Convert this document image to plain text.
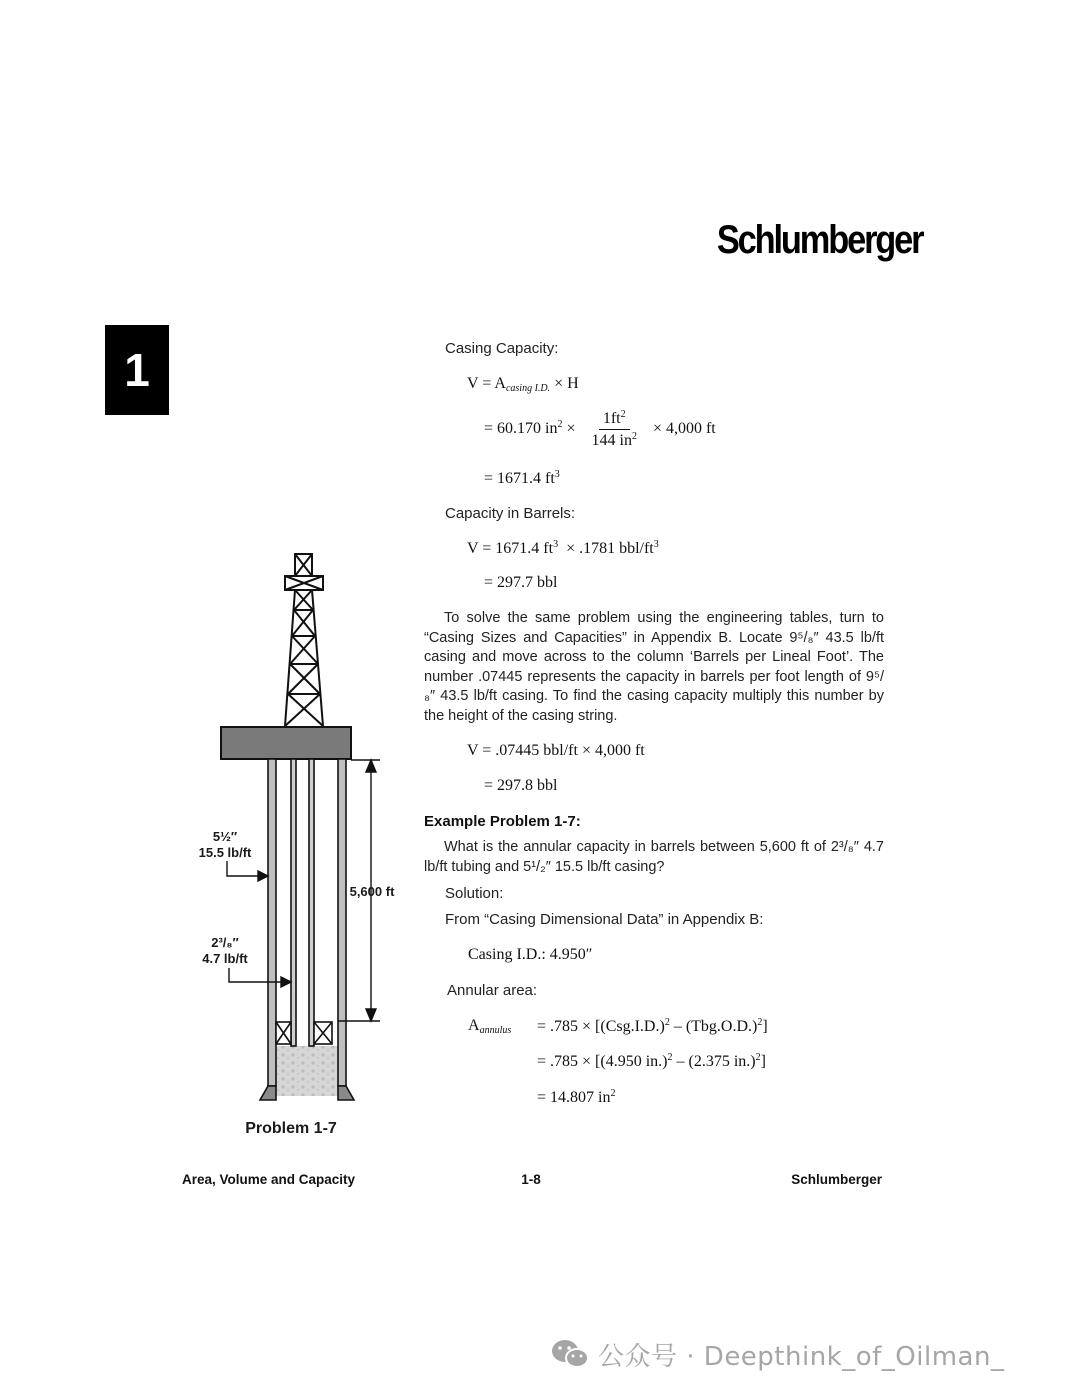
Schlumberger
1	Casing Capacity:
$V = A_{casing I.D.} \times H$
= 60.170 $in^2 \times \frac{1ft^2}{144 in^2} \times 4,000$ ft
= 1671.4 $ft^3$
Capacity in Barrels:
V = 1671.4 $ft^3 \times .1781$ bbl/$ft^3$
= 297.7 bbl
To solve the same problem using the engineering tables, turn to “Casing Sizes and Capacities” in Appendix B. Locate 9⁵/₈″ 43.5 lb/ft casing and move across to the column ‘Barrels per Lineal Foot’. The number .07445 represents the capacity in barrels per foot length of 9⁵/₈″ 43.5 lb/ft casing. To find the casing capacity multiply this number by the height of the casing string.
V = .07445 bbl/ft × 4,000 ft
= 297.8 bbl
Example Problem 1-7:
What is the annular capacity in barrels between 5,600 ft of 2³/₈″ 4.7 lb/ft tubing and 5¹/₂″ 15.5 lb/ft casing?
Solution:
From “Casing Dimensional Data” in Appendix B:
Casing I.D.: 4.950″
Annular area:
$A_{annulus} = .785 \times [(Csg.I.D.)^2 - (Tbg.O.D.)^2]$
= .785 × [(4.950 in.)$^2$ – (2.375 in.)$^2$]
= 14.807 $in^2$
5½″
15.5 lb/ft
2³/₈″
4.7 lb/ft
5,600 ft
Problem 1-7
Area, Volume and Capacity	1-8	Schlumberger
公众号 · Deepthink_of_Oilman_
